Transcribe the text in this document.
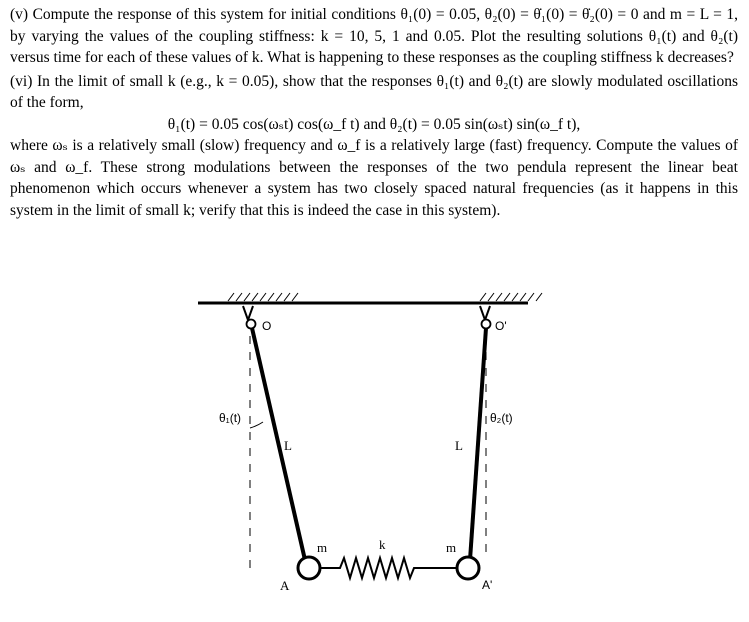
(v) Compute the response of this system for initial conditions θ₁(0) = 0.05, θ₂(0) = θ̇₁(0) = θ̇₂(0) = 0 and m = L = 1, by varying the values of the coupling stiffness: k = 10, 5, 1 and 0.05. Plot the resulting solutions θ₁(t) and θ₂(t) versus time for each of these values of k. What is happening to these responses as the coupling stiffness k decreases?

(vi) In the limit of small k (e.g., k = 0.05), show that the responses θ₁(t) and θ₂(t) are slowly modulated oscillations of the form,

θ₁(t) = 0.05 cos(ωₛt) cos(ω_f t) and θ₂(t) = 0.05 sin(ωₛt) sin(ω_f t),

where ωₛ is a relatively small (slow) frequency and ω_f is a relatively large (fast) frequency. Compute the values of ωₛ and ω_f. These strong modulations between the responses of the two pendula represent the linear beat phenomenon which occurs whenever a system has two closely spaced natural frequencies (as it happens in this system in the limit of small k; verify that this is indeed the case in this system).

O	O'
θ₁(t)	θ₂(t)
L	L
m	m
k
A	A'
